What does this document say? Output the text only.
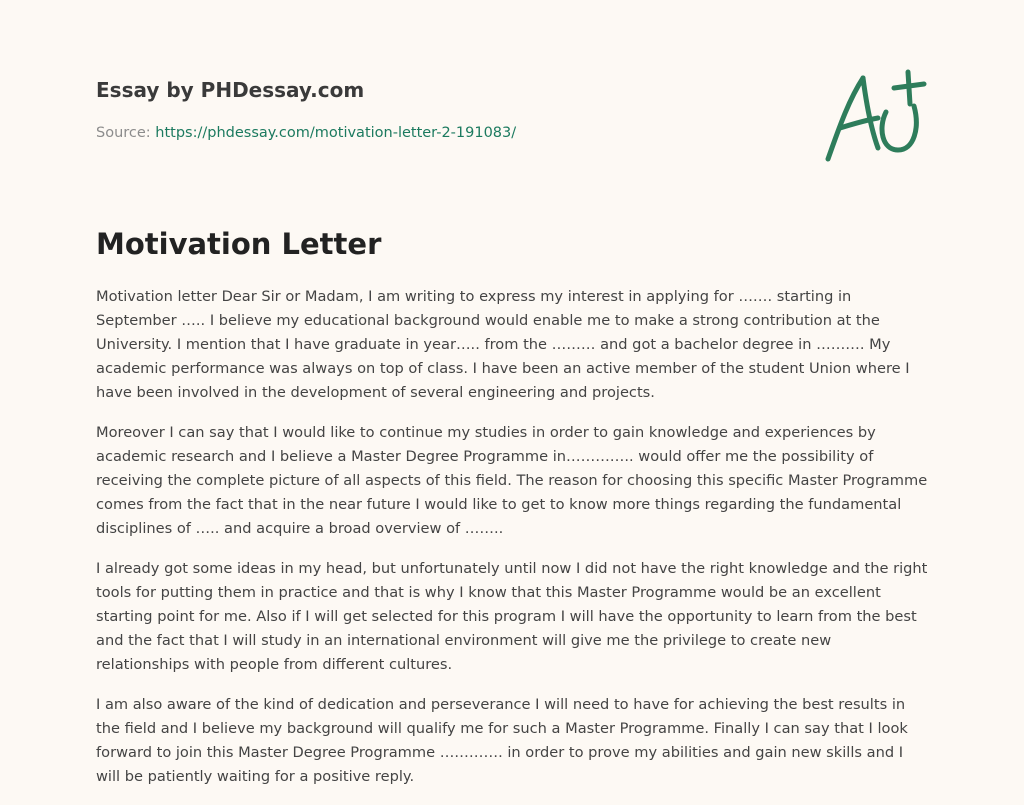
Essay by PHDessay.com
Source: https://phdessay.com/motivation-letter-2-191083/
Motivation Letter

Motivation letter Dear Sir or Madam, I am writing to express my interest in applying for ……. starting in September ….. I believe my educational background would enable me to make a strong contribution at the University. I mention that I have graduate in year….. from the ……… and got a bachelor degree in ………. My academic performance was always on top of class. I have been an active member of the student Union where I have been involved in the development of several engineering and projects.

Moreover I can say that I would like to continue my studies in order to gain knowledge and experiences by academic research and I believe a Master Degree Programme in………….. would offer me the possibility of receiving the complete picture of all aspects of this field. The reason for choosing this specific Master Programme comes from the fact that in the near future I would like to get to know more things regarding the fundamental disciplines of ….. and acquire a broad overview of ……..

I already got some ideas in my head, but unfortunately until now I did not have the right knowledge and the right tools for putting them in practice and that is why I know that this Master Programme would be an excellent starting point for me. Also if I will get selected for this program I will have the opportunity to learn from the best and the fact that I will study in an international environment will give me the privilege to create new relationships with people from different cultures.

I am also aware of the kind of dedication and perseverance I will need to have for achieving the best results in the field and I believe my background will qualify me for such a Master Programme. Finally I can say that I look forward to join this Master Degree Programme …………. in order to prove my abilities and gain new skills and I will be patiently waiting for a positive reply.
